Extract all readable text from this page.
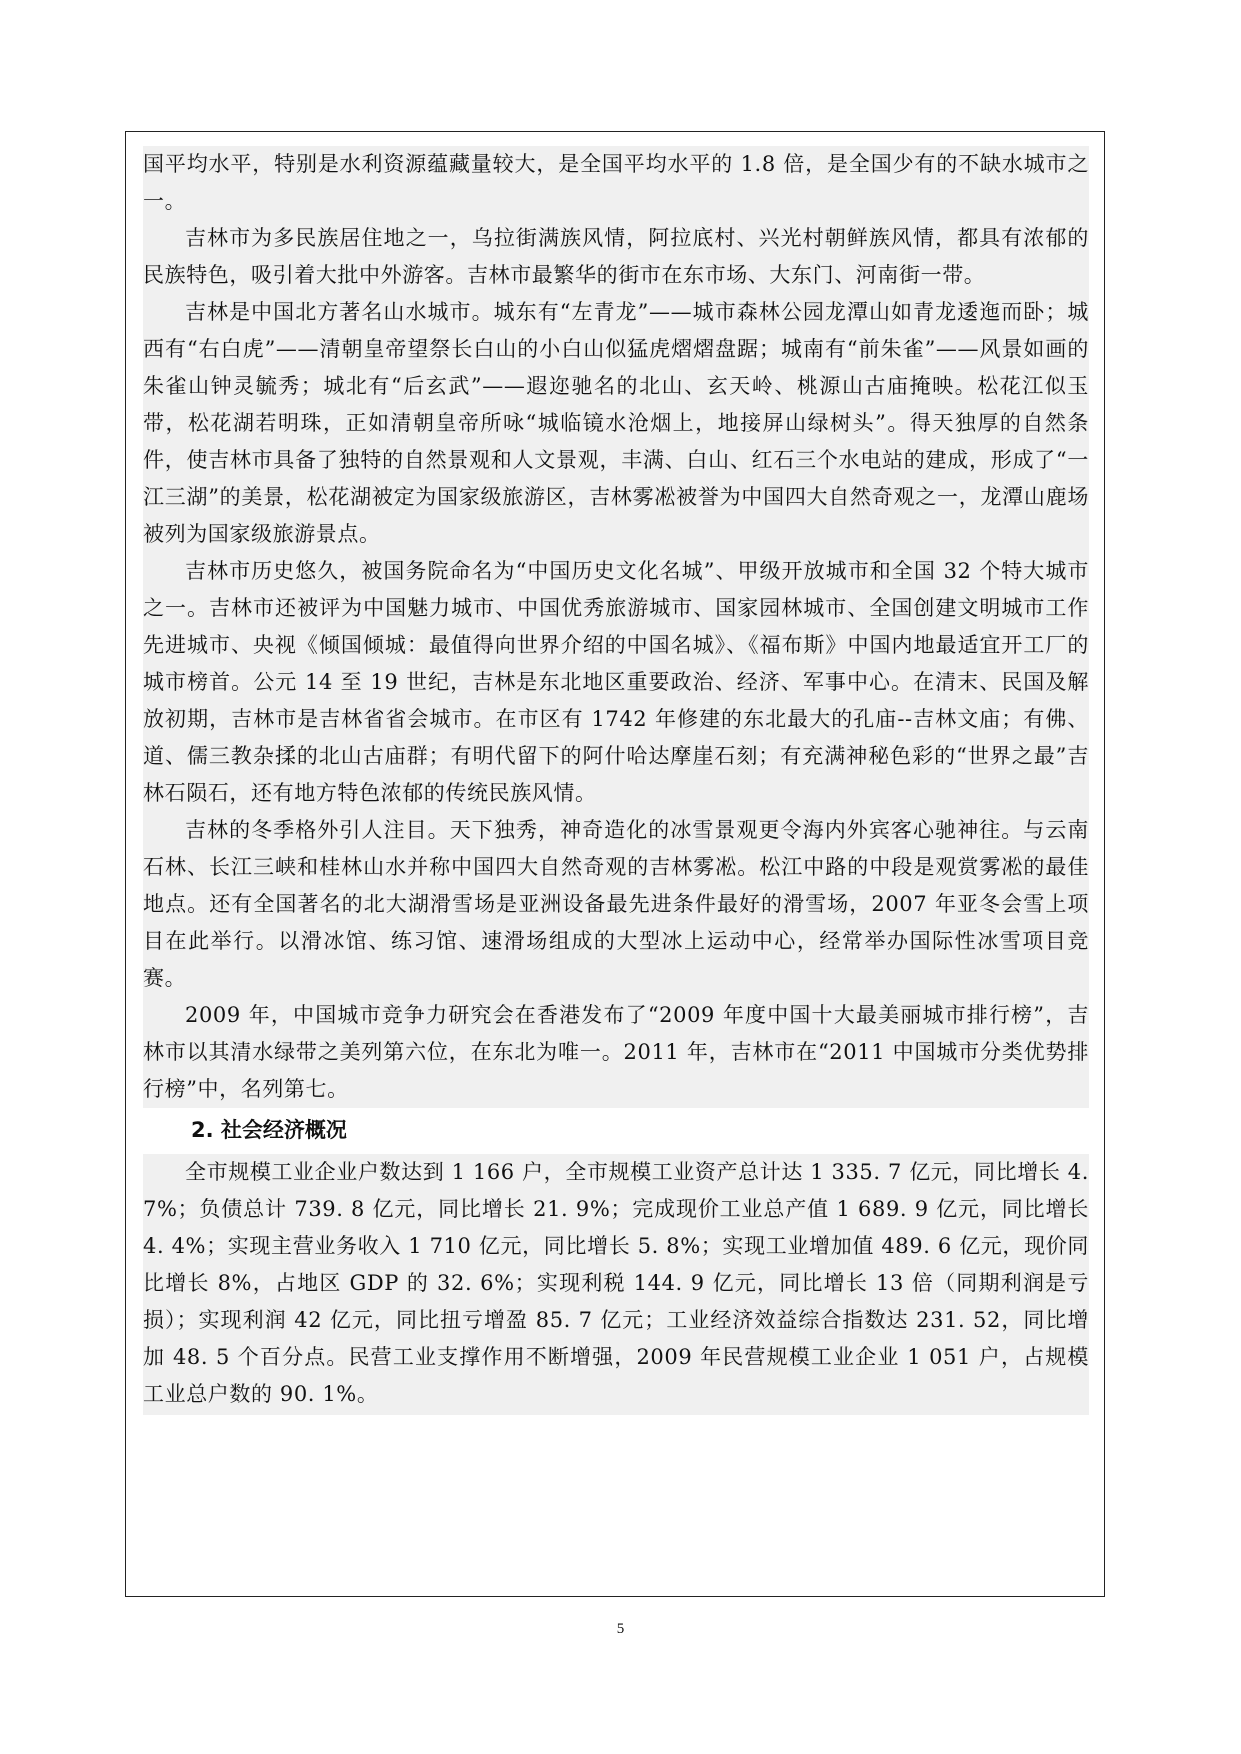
国平均水平，特别是水利资源蕴藏量较大，是全国平均水平的 1.8 倍，是全国少有的不缺水城市之一。

吉林市为多民族居住地之一，乌拉街满族风情，阿拉底村、兴光村朝鲜族风情，都具有浓郁的民族特色，吸引着大批中外游客。吉林市最繁华的街市在东市场、大东门、河南街一带。

吉林是中国北方著名山水城市。城东有“左青龙”——城市森林公园龙潭山如青龙逶迤而卧；城西有“右白虎”——清朝皇帝望祭长白山的小白山似猛虎熠熠盘踞；城南有“前朱雀”——风景如画的朱雀山钟灵毓秀；城北有“后玄武”——遐迩驰名的北山、玄天岭、桃源山古庙掩映。松花江似玉带，松花湖若明珠，正如清朝皇帝所咏“城临镜水沧烟上，地接屏山绿树头”。得天独厚的自然条件，使吉林市具备了独特的自然景观和人文景观，丰满、白山、红石三个水电站的建成，形成了“一江三湖”的美景，松花湖被定为国家级旅游区，吉林雾凇被誉为中国四大自然奇观之一，龙潭山鹿场被列为国家级旅游景点。

吉林市历史悠久，被国务院命名为“中国历史文化名城”、甲级开放城市和全国 32 个特大城市之一。吉林市还被评为中国魅力城市、中国优秀旅游城市、国家园林城市、全国创建文明城市工作先进城市、央视《倾国倾城：最值得向世界介绍的中国名城》、《福布斯》中国内地最适宜开工厂的城市榜首。公元 14 至 19 世纪，吉林是东北地区重要政治、经济、军事中心。在清末、民国及解放初期，吉林市是吉林省省会城市。在市区有 1742 年修建的东北最大的孔庙--吉林文庙；有佛、道、儒三教杂揉的北山古庙群；有明代留下的阿什哈达摩崖石刻；有充满神秘色彩的“世界之最”吉林石陨石，还有地方特色浓郁的传统民族风情。

吉林的冬季格外引人注目。天下独秀，神奇造化的冰雪景观更令海内外宾客心驰神往。与云南石林、长江三峡和桂林山水并称中国四大自然奇观的吉林雾凇。松江中路的中段是观赏雾凇的最佳地点。还有全国著名的北大湖滑雪场是亚洲设备最先进条件最好的滑雪场，2007 年亚冬会雪上项目在此举行。以滑冰馆、练习馆、速滑场组成的大型冰上运动中心，经常举办国际性冰雪项目竞赛。

2009 年，中国城市竞争力研究会在香港发布了“2009 年度中国十大最美丽城市排行榜”，吉林市以其清水绿带之美列第六位，在东北为唯一。2011 年，吉林市在“2011 中国城市分类优势排行榜”中，名列第七。

2. 社会经济概况

全市规模工业企业户数达到 1 166 户，全市规模工业资产总计达 1 335. 7 亿元，同比增长 4. 7%；负债总计 739. 8 亿元，同比增长 21. 9%；完成现价工业总产值 1 689. 9 亿元，同比增长 4. 4%；实现主营业务收入 1 710 亿元，同比增长 5. 8%；实现工业增加值 489. 6 亿元，现价同比增长 8%，占地区 GDP 的 32. 6%；实现利税 144. 9 亿元，同比增长 13 倍（同期利润是亏损）；实现利润 42 亿元，同比扭亏增盈 85. 7 亿元；工业经济效益综合指数达 231. 52，同比增加 48. 5 个百分点。民营工业支撑作用不断增强，2009 年民营规模工业企业 1 051 户，占规模工业总户数的 90. 1%。

5
